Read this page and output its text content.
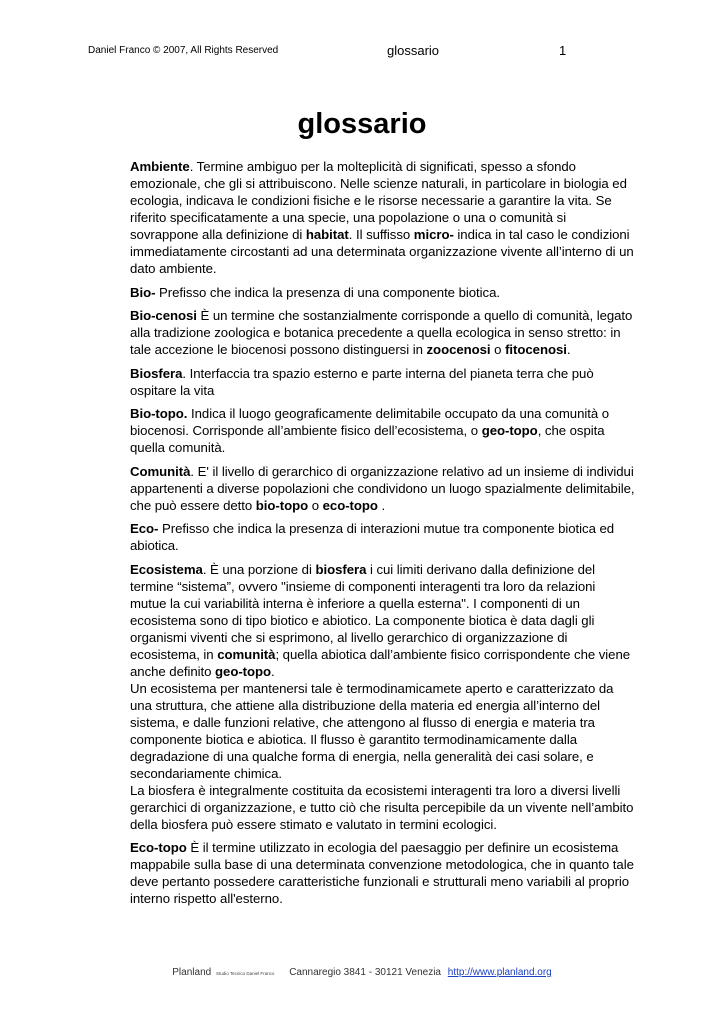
Daniel Franco © 2007, All Rights Reserved	glossario	1
glossario

Ambiente. Termine ambiguo per la molteplicità di significati, spesso a sfondo emozionale, che gli si attribuiscono. Nelle scienze naturali, in particolare in biologia ed ecologia, indicava le condizioni fisiche e le risorse necessarie a garantire la vita. Se riferito specificatamente a una specie, una popolazione o una o comunità si sovrappone alla definizione di habitat. Il suffisso micro- indica in tal caso le condizioni immediatamente circostanti ad una determinata organizzazione vivente all’interno di un dato ambiente.

Bio- Prefisso che indica la presenza di una componente biotica.

Bio-cenosi È un termine che sostanzialmente corrisponde a quello di comunità, legato alla tradizione zoologica e botanica precedente a quella ecologica in senso stretto: in tale accezione le biocenosi possono distinguersi in zoocenosi o fitocenosi.

Biosfera. Interfaccia tra spazio esterno e parte interna del pianeta terra che può ospitare la vita

Bio-topo. Indica il luogo geograficamente delimitabile occupato da una comunità o biocenosi. Corrisponde all’ambiente fisico dell’ecosistema, o geo-topo, che ospita quella comunità.

Comunità. E' il livello di gerarchico di organizzazione relativo ad un insieme di individui appartenenti a diverse popolazioni che condividono un luogo spazialmente delimitabile, che può essere detto bio-topo o eco-topo .

Eco- Prefisso che indica la presenza di interazioni mutue tra componente biotica ed abiotica.

Ecosistema. È una porzione di biosfera i cui limiti derivano dalla definizione del termine “sistema”, ovvero "insieme di componenti interagenti tra loro da relazioni mutue la cui variabilità interna è inferiore a quella esterna". I componenti di un ecosistema sono di tipo biotico e abiotico. La componente biotica è data dagli gli organismi viventi che si esprimono, al livello gerarchico di organizzazione di ecosistema, in comunità; quella abiotica dall’ambiente fisico corrispondente che viene anche definito geo-topo.

Un ecosistema per mantenersi tale è termodinamicamete aperto e caratterizzato da una struttura, che attiene alla distribuzione della materia ed energia all’interno del sistema, e dalle funzioni relative, che attengono al flusso di energia e materia tra componente biotica e abiotica. Il flusso è garantito termodinamicamente dalla degradazione di una qualche forma di energia, nella generalità dei casi solare, e secondariamente chimica.

La biosfera è integralmente costituita da ecosistemi interagenti tra loro a diversi livelli gerarchici di organizzazione, e tutto ciò che risulta percepibile da un vivente nell’ambito della biosfera può essere stimato e valutato in termini ecologici.

Eco-topo È il termine utilizzato in ecologia del paesaggio per definire un ecosistema mappabile sulla base di una determinata convenzione metodologica, che in quanto tale deve pertanto possedere caratteristiche funzionali e strutturali meno variabili al proprio interno rispetto all'esterno.

Planland Studio Tecnico Daniel Franco Cannaregio 3841 - 30121 Venezia http://www.planland.org
